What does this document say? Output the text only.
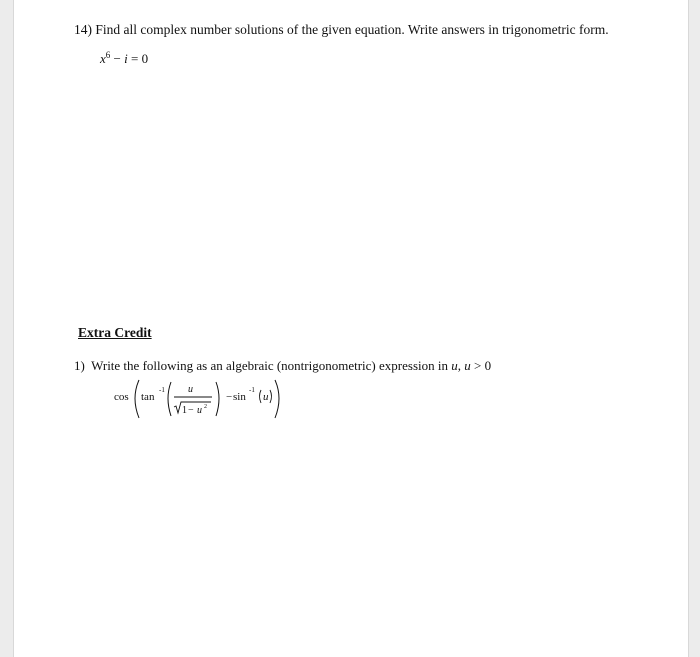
14) Find all complex number solutions of the given equation. Write answers in trigonometric form.
$x^6 - i = 0$
Extra Credit
1) Write the following as an algebraic (nontrigonometric) expression in u, u > 0
cos tan
-1 u
1 − u 2
− sin
-1
u
